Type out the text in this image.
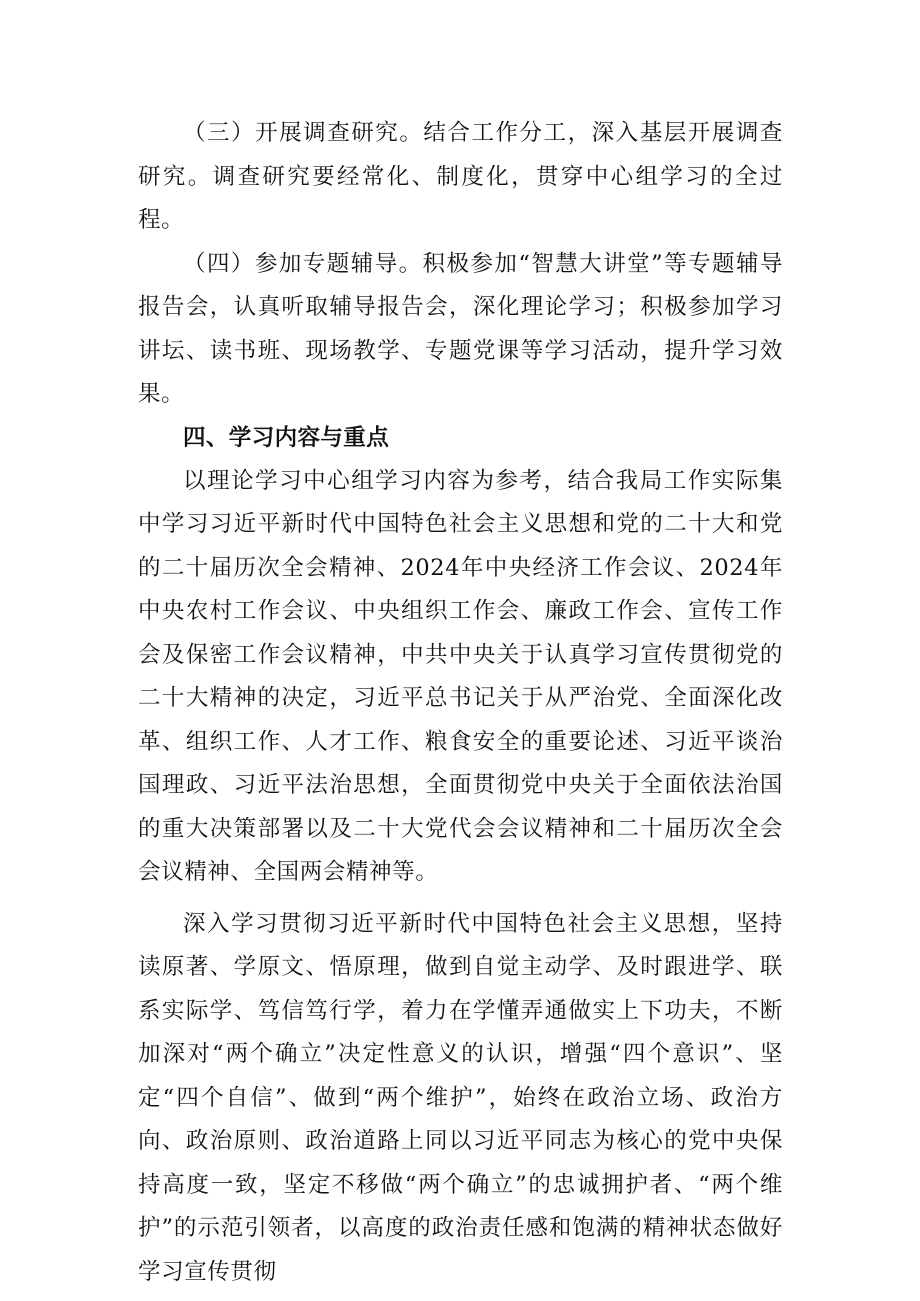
（三）开展调查研究。结合工作分工，深入基层开展调查研究。调查研究要经常化、制度化，贯穿中心组学习的全过程。

（四）参加专题辅导。积极参加“智慧大讲堂”等专题辅导报告会，认真听取辅导报告会，深化理论学习；积极参加学习讲坛、读书班、现场教学、专题党课等学习活动，提升学习效果。

四、学习内容与重点

以理论学习中心组学习内容为参考，结合我局工作实际集中学习习近平新时代中国特色社会主义思想和党的二十大和党的二十届历次全会精神、2024年中央经济工作会议、2024年中央农村工作会议、中央组织工作会、廉政工作会、宣传工作会及保密工作会议精神，中共中央关于认真学习宣传贯彻党的二十大精神的决定，习近平总书记关于从严治党、全面深化改革、组织工作、人才工作、粮食安全的重要论述、习近平谈治国理政、习近平法治思想，全面贯彻党中央关于全面依法治国的重大决策部署以及二十大党代会会议精神和二十届历次全会会议精神、全国两会精神等。

深入学习贯彻习近平新时代中国特色社会主义思想，坚持读原著、学原文、悟原理，做到自觉主动学、及时跟进学、联系实际学、笃信笃行学，着力在学懂弄通做实上下功夫，不断加深对“两个确立”决定性意义的认识，增强“四个意识”、坚定“四个自信”、做到“两个维护”，始终在政治立场、政治方向、政治原则、政治道路上同以习近平同志为核心的党中央保持高度一致，坚定不移做“两个确立”的忠诚拥护者、“两个维护”的示范引领者，以高度的政治责任感和饱满的精神状态做好学习宣传贯彻
